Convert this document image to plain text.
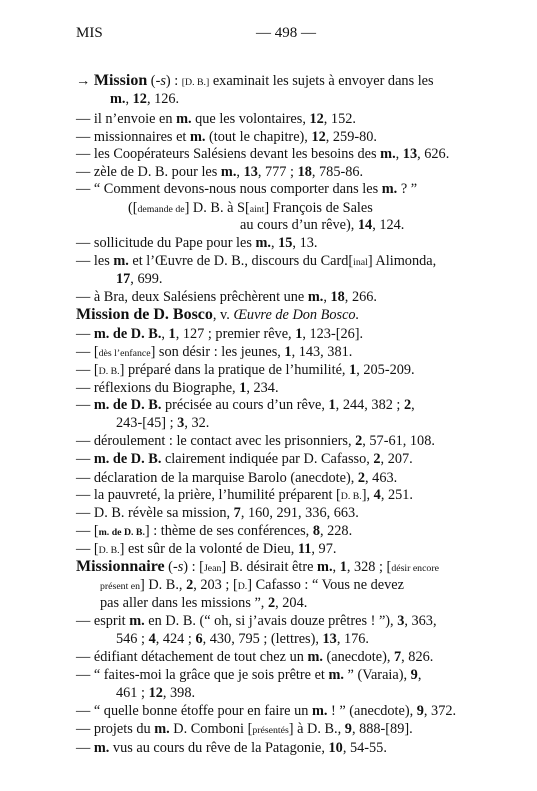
MIS	— 498 —
→ Mission (-s) : [D. B.] examinait les sujets à envoyer dans les
m., 12, 126.
— il n’envoie en m. que les volontaires, 12, 152.
— missionnaires et m. (tout le chapitre), 12, 259-80.
— les Coopérateurs Salésiens devant les besoins des m., 13, 626.
— zèle de D. B. pour les m., 13, 777 ; 18, 785-86.
— “ Comment devons-nous nous comporter dans les m. ? ”
([demande de] D. B. à S[aint] François de Sales
au cours d’un rêve), 14, 124.
— sollicitude du Pape pour les m., 15, 13.
— les m. et l’Œuvre de D. B., discours du Card[inal] Alimonda,
17, 699.
— à Bra, deux Salésiens prêchèrent une m., 18, 266.
Mission de D. Bosco, v. Œuvre de Don Bosco.
— m. de D. B., 1, 127 ; premier rêve, 1, 123-[26].
— [dès l’enfance] son désir : les jeunes, 1, 143, 381.
— [D. B.] préparé dans la pratique de l’humilité, 1, 205-209.
— réflexions du Biographe, 1, 234.
— m. de D. B. précisée au cours d’un rêve, 1, 244, 382 ; 2,
243-[45] ; 3, 32.
— déroulement : le contact avec les prisonniers, 2, 57-61, 108.
— m. de D. B. clairement indiquée par D. Cafasso, 2, 207.
— déclaration de la marquise Barolo (anecdote), 2, 463.
— la pauvreté, la prière, l’humilité préparent [D. B.], 4, 251.
— D. B. révèle sa mission, 7, 160, 291, 336, 663.
— [m. de D. B.] : thème de ses conférences, 8, 228.
— [D. B.] est sûr de la volonté de Dieu, 11, 97.
Missionnaire (-s) : [Jean] B. désirait être m., 1, 328 ; [désir encore
présent en] D. B., 2, 203 ; [D.] Cafasso : “ Vous ne devez
pas aller dans les missions ”, 2, 204.
— esprit m. en D. B. (“ oh, si j’avais douze prêtres ! ”), 3, 363,
546 ; 4, 424 ; 6, 430, 795 ; (lettres), 13, 176.
— édifiant détachement de tout chez un m. (anecdote), 7, 826.
— “ faites-moi la grâce que je sois prêtre et m. ” (Varaia), 9,
461 ; 12, 398.
— “ quelle bonne étoffe pour en faire un m. ! ” (anecdote), 9, 372.
— projets du m. D. Comboni [présentés] à D. B., 9, 888-[89].
— m. vus au cours du rêve de la Patagonie, 10, 54-55.
